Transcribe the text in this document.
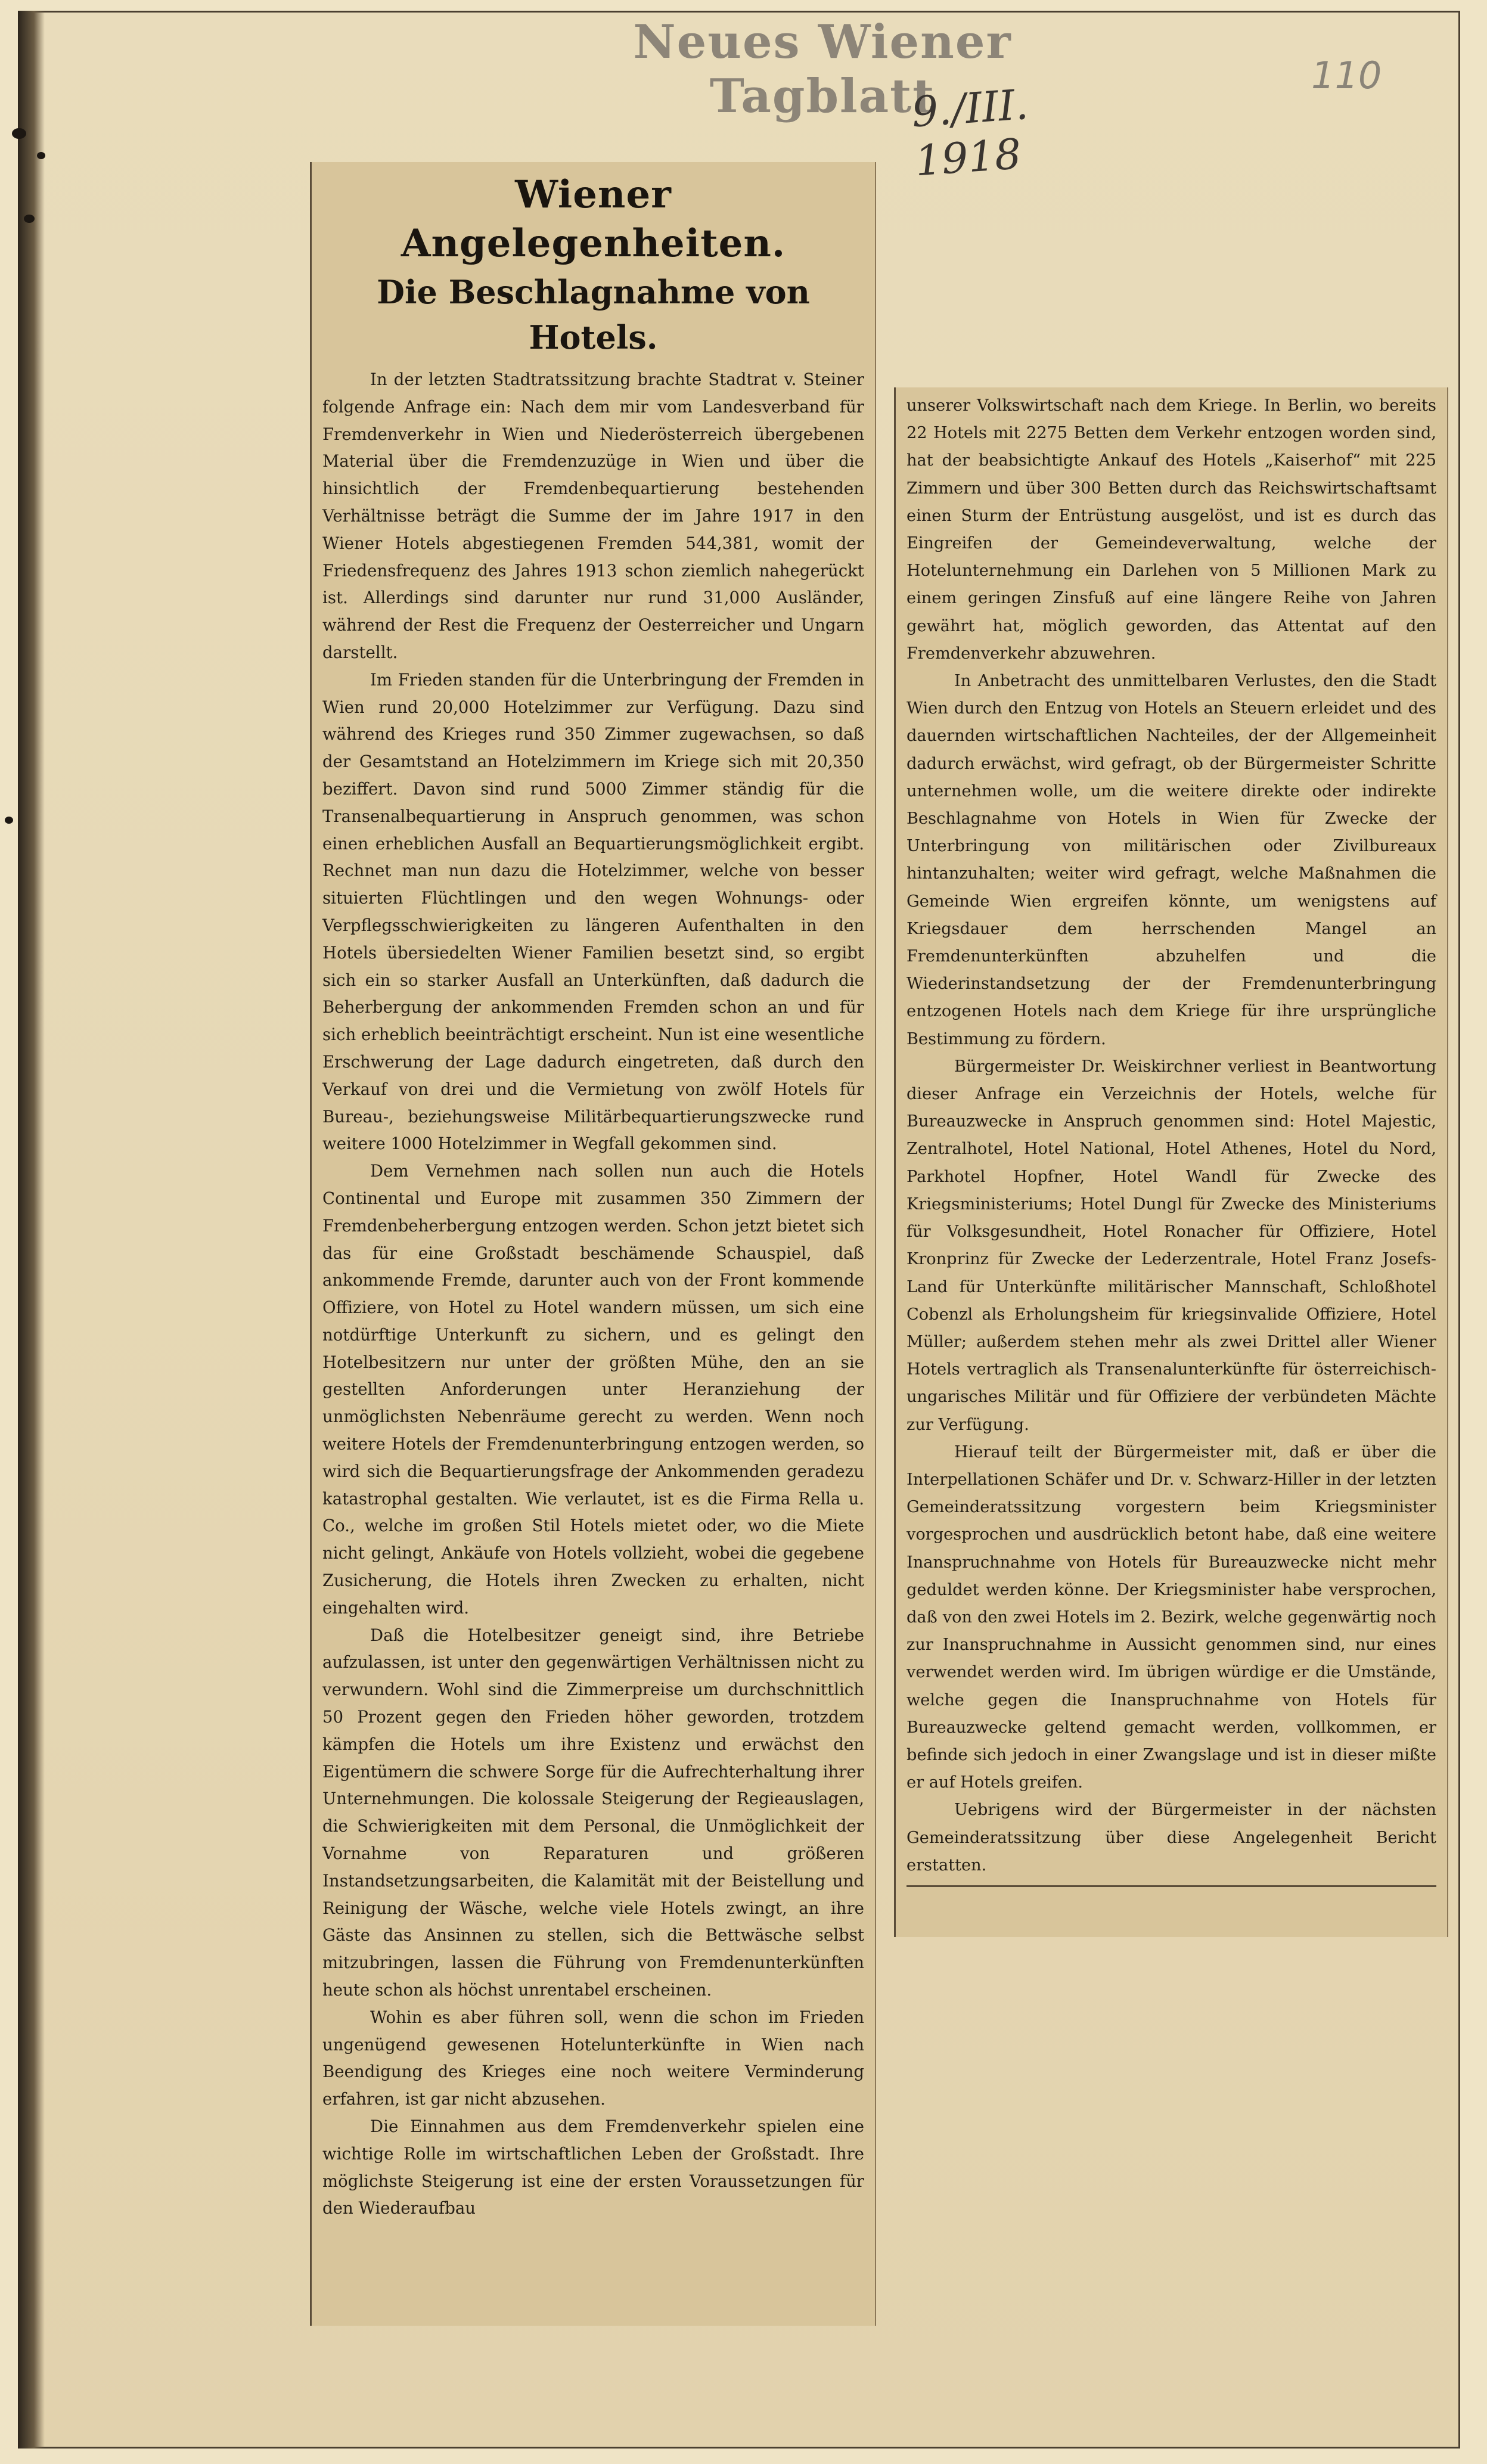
Neues Wiener Tagblatt
9./III. 1918
110
Wiener Angelegenheiten.
Die Beschlagnahme von Hotels.

In der letzten Stadtratssitzung brachte Stadtrat v. Steiner folgende Anfrage ein: Nach dem mir vom Landesverband für Fremdenverkehr in Wien und Niederösterreich übergebenen Material über die Fremdenzuzüge in Wien und über die hinsichtlich der Fremdenbequartierung bestehenden Verhältnisse beträgt die Summe der im Jahre 1917 in den Wiener Hotels abgestiegenen Fremden 544,381, womit der Friedensfrequenz des Jahres 1913 schon ziemlich nahegerückt ist. Allerdings sind darunter nur rund 31,000 Ausländer, während der Rest die Frequenz der Oesterreicher und Ungarn darstellt.

Im Frieden standen für die Unterbringung der Fremden in Wien rund 20,000 Hotelzimmer zur Verfügung. Dazu sind während des Krieges rund 350 Zimmer zugewachsen, so daß der Gesamtstand an Hotelzimmern im Kriege sich mit 20,350 beziffert. Davon sind rund 5000 Zimmer ständig für die Transenalbequartierung in Anspruch genommen, was schon einen erheblichen Ausfall an Bequartierungsmöglichkeit ergibt. Rechnet man nun dazu die Hotelzimmer, welche von besser situierten Flüchtlingen und den wegen Wohnungs- oder Verpflegsschwierigkeiten zu längeren Aufenthalten in den Hotels übersiedelten Wiener Familien besetzt sind, so ergibt sich ein so starker Ausfall an Unterkünften, daß dadurch die Beherbergung der ankommenden Fremden schon an und für sich erheblich beeinträchtigt erscheint. Nun ist eine wesentliche Erschwerung der Lage dadurch eingetreten, daß durch den Verkauf von drei und die Vermietung von zwölf Hotels für Bureau-, beziehungsweise Militärbequartierungszwecke rund weitere 1000 Hotelzimmer in Wegfall gekommen sind.

Dem Vernehmen nach sollen nun auch die Hotels Continental und Europe mit zusammen 350 Zimmern der Fremdenbeherbergung entzogen werden. Schon jetzt bietet sich das für eine Großstadt beschämende Schauspiel, daß ankommende Fremde, darunter auch von der Front kommende Offiziere, von Hotel zu Hotel wandern müssen, um sich eine notdürftige Unterkunft zu sichern, und es gelingt den Hotelbesitzern nur unter der größten Mühe, den an sie gestellten Anforderungen unter Heranziehung der unmöglichsten Nebenräume gerecht zu werden. Wenn noch weitere Hotels der Fremdenunterbringung entzogen werden, so wird sich die Bequartierungsfrage der Ankommenden geradezu katastrophal gestalten. Wie verlautet, ist es die Firma Rella u. Co., welche im großen Stil Hotels mietet oder, wo die Miete nicht gelingt, Ankäufe von Hotels vollzieht, wobei die gegebene Zusicherung, die Hotels ihren Zwecken zu erhalten, nicht eingehalten wird.

Daß die Hotelbesitzer geneigt sind, ihre Betriebe aufzulassen, ist unter den gegenwärtigen Verhältnissen nicht zu verwundern. Wohl sind die Zimmerpreise um durchschnittlich 50 Prozent gegen den Frieden höher geworden, trotzdem kämpfen die Hotels um ihre Existenz und erwächst den Eigentümern die schwere Sorge für die Aufrechterhaltung ihrer Unternehmungen. Die kolossale Steigerung der Regieauslagen, die Schwierigkeiten mit dem Personal, die Unmöglichkeit der Vornahme von Reparaturen und größeren Instandsetzungsarbeiten, die Kalamität mit der Beistellung und Reinigung der Wäsche, welche viele Hotels zwingt, an ihre Gäste das Ansinnen zu stellen, sich die Bettwäsche selbst mitzubringen, lassen die Führung von Fremdenunterkünften heute schon als höchst unrentabel erscheinen.

Wohin es aber führen soll, wenn die schon im Frieden ungenügend gewesenen Hotelunterkünfte in Wien nach Beendigung des Krieges eine noch weitere Verminderung erfahren, ist gar nicht abzusehen.

Die Einnahmen aus dem Fremdenverkehr spielen eine wichtige Rolle im wirtschaftlichen Leben der Großstadt. Ihre möglichste Steigerung ist eine der ersten Voraussetzungen für den Wiederaufbau

unserer Volkswirtschaft nach dem Kriege. In Berlin, wo bereits 22 Hotels mit 2275 Betten dem Verkehr entzogen worden sind, hat der beabsichtigte Ankauf des Hotels „Kaiserhof“ mit 225 Zimmern und über 300 Betten durch das Reichswirtschaftsamt einen Sturm der Entrüstung ausgelöst, und ist es durch das Eingreifen der Gemeindeverwaltung, welche der Hotelunternehmung ein Darlehen von 5 Millionen Mark zu einem geringen Zinsfuß auf eine längere Reihe von Jahren gewährt hat, möglich geworden, das Attentat auf den Fremdenverkehr abzuwehren.

In Anbetracht des unmittelbaren Verlustes, den die Stadt Wien durch den Entzug von Hotels an Steuern erleidet und des dauernden wirtschaftlichen Nachteiles, der der Allgemeinheit dadurch erwächst, wird gefragt, ob der Bürgermeister Schritte unternehmen wolle, um die weitere direkte oder indirekte Beschlagnahme von Hotels in Wien für Zwecke der Unterbringung von militärischen oder Zivilbureaux hintanzuhalten; weiter wird gefragt, welche Maßnahmen die Gemeinde Wien ergreifen könnte, um wenigstens auf Kriegsdauer dem herrschenden Mangel an Fremdenunterkünften abzuhelfen und die Wiederinstandsetzung der der Fremdenunterbringung entzogenen Hotels nach dem Kriege für ihre ursprüngliche Bestimmung zu fördern.

Bürgermeister Dr. Weiskirchner verliest in Beantwortung dieser Anfrage ein Verzeichnis der Hotels, welche für Bureauzwecke in Anspruch genommen sind: Hotel Majestic, Zentralhotel, Hotel National, Hotel Athenes, Hotel du Nord, Parkhotel Hopfner, Hotel Wandl für Zwecke des Kriegsministeriums; Hotel Dungl für Zwecke des Ministeriums für Volksgesundheit, Hotel Ronacher für Offiziere, Hotel Kronprinz für Zwecke der Lederzentrale, Hotel Franz Josefs-Land für Unterkünfte militärischer Mannschaft, Schloßhotel Cobenzl als Erholungsheim für kriegsinvalide Offiziere, Hotel Müller; außerdem stehen mehr als zwei Drittel aller Wiener Hotels vertraglich als Transenalunterkünfte für österreichisch-ungarisches Militär und für Offiziere der verbündeten Mächte zur Verfügung.

Hierauf teilt der Bürgermeister mit, daß er über die Interpellationen Schäfer und Dr. v. Schwarz-Hiller in der letzten Gemeinderatssitzung vorgestern beim Kriegsminister vorgesprochen und ausdrücklich betont habe, daß eine weitere Inanspruchnahme von Hotels für Bureauzwecke nicht mehr geduldet werden könne. Der Kriegsminister habe versprochen, daß von den zwei Hotels im 2. Bezirk, welche gegenwärtig noch zur Inanspruchnahme in Aussicht genommen sind, nur eines verwendet werden wird. Im übrigen würdige er die Umstände, welche gegen die Inanspruchnahme von Hotels für Bureauzwecke geltend gemacht werden, vollkommen, er befinde sich jedoch in einer Zwangslage und ist in dieser mißte er auf Hotels greifen.

Uebrigens wird der Bürgermeister in der nächsten Gemeinderatssitzung über diese Angelegenheit Bericht erstatten.
